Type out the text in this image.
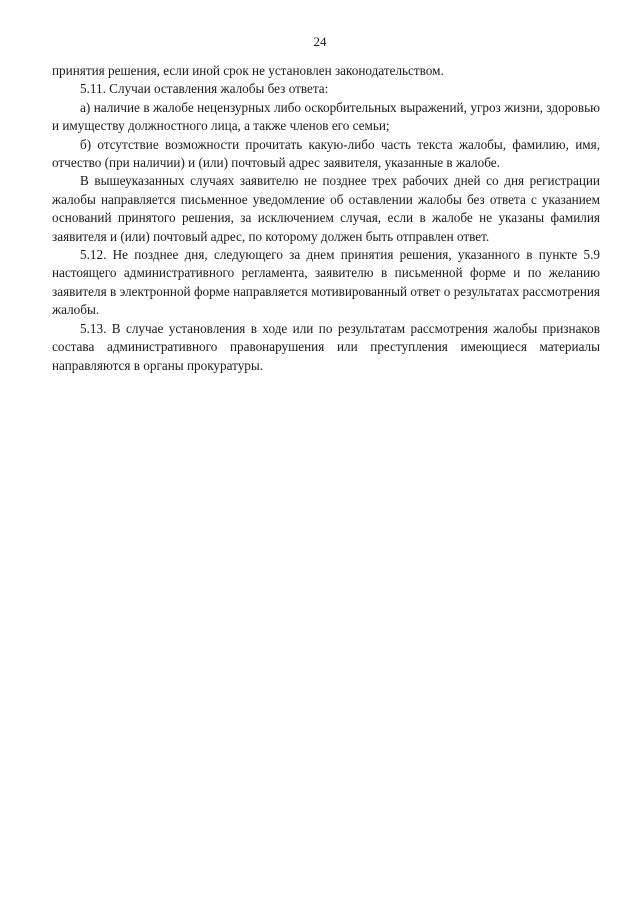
24

принятия решения, если иной срок не установлен законодательством.

5.11. Случаи оставления жалобы без ответа:

а) наличие в жалобе нецензурных либо оскорбительных выражений, угроз жизни, здоровью и имуществу должностного лица, а также членов его семьи;

б) отсутствие возможности прочитать какую-либо часть текста жалобы, фамилию, имя, отчество (при наличии) и (или) почтовый адрес заявителя, указанные в жалобе.

В вышеуказанных случаях заявителю не позднее трех рабочих дней со дня регистрации жалобы направляется письменное уведомление об оставлении жалобы без ответа с указанием оснований принятого решения, за исключением случая, если в жалобе не указаны фамилия заявителя и (или) почтовый адрес, по которому должен быть отправлен ответ.

5.12. Не позднее дня, следующего за днем принятия решения, указанного в пункте 5.9 настоящего административного регламента, заявителю в письменной форме и по желанию заявителя в электронной форме направляется мотивированный ответ о результатах рассмотрения жалобы.

5.13. В случае установления в ходе или по результатам рассмотрения жалобы признаков состава административного правонарушения или преступления имеющиеся материалы направляются в органы прокуратуры.
